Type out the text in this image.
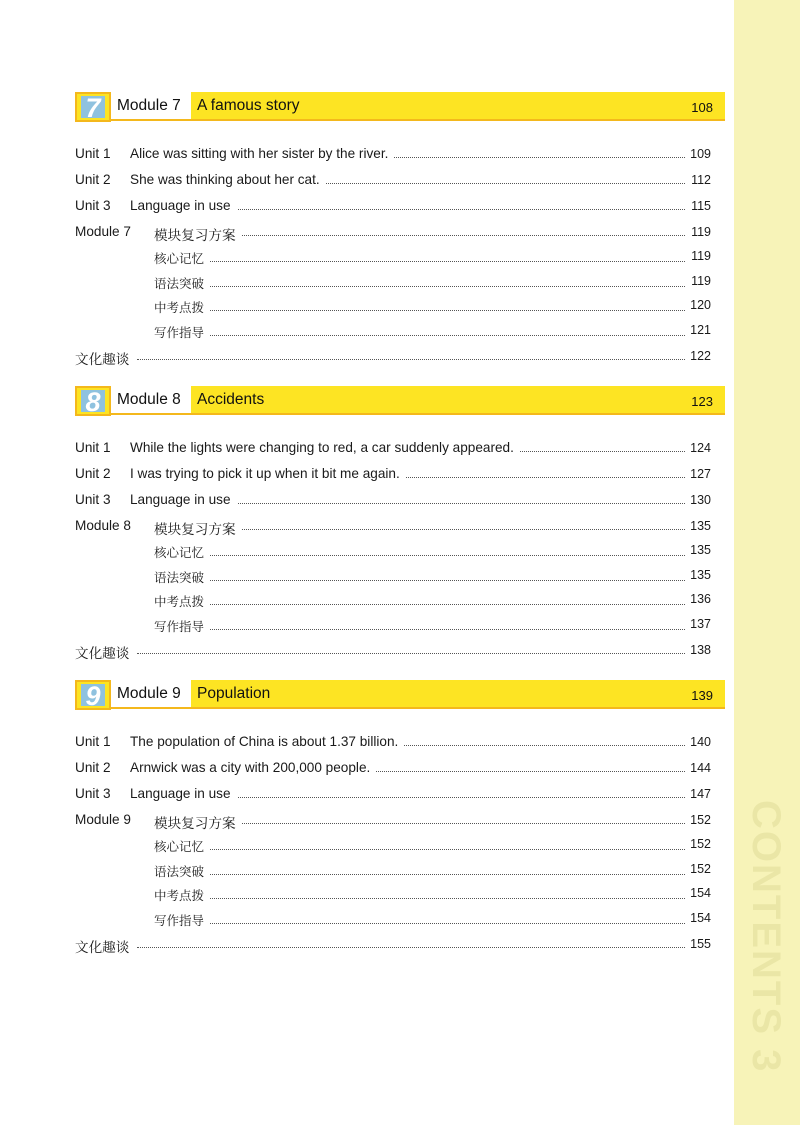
CONTENTS 3
7	Module 7 A famous story	108
Unit 1 Alice was sitting with her sister by the river.	109
Unit 2 She was thinking about her cat.	112
Unit 3 Language in use	115
Module 7 模块复习方案	119
核心记忆	119
语法突破	119
中考点拨	120
写作指导	121
文化趣谈	122
8	Module 8 Accidents	123
Unit 1 While the lights were changing to red, a car suddenly appeared.	124
Unit 2 I was trying to pick it up when it bit me again.	127
Unit 3 Language in use	130
Module 8 模块复习方案	135
核心记忆	135
语法突破	135
中考点拨	136
写作指导	137
文化趣谈	138
9	Module 9 Population	139
Unit 1 The population of China is about 1.37 billion.	140
Unit 2 Arnwick was a city with 200,000 people.	144
Unit 3 Language in use	147
Module 9 模块复习方案	152
核心记忆	152
语法突破	152
中考点拨	154
写作指导	154
文化趣谈	155
